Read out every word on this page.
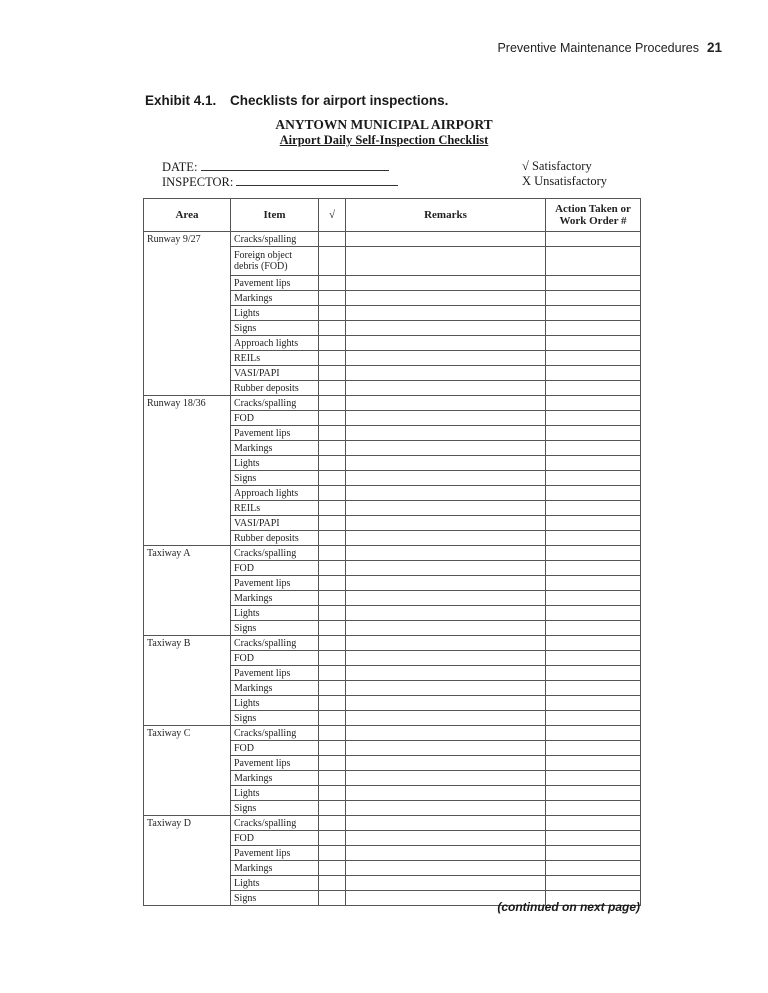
Preventive Maintenance Procedures 21
Exhibit 4.1. Checklists for airport inspections.
ANYTOWN MUNICIPAL AIRPORT
Airport Daily Self-Inspection Checklist
DATE:
INSPECTOR:
√ Satisfactory
X Unsatisfactory
Area	Item	√	Remarks	Action Taken or
Work Order #
Runway 9/27	Cracks/spalling			
	Foreign object debris (FOD)			
	Pavement lips			
	Markings			
	Lights			
	Signs			
	Approach lights			
	REILs			
	VASI/PAPI			
	Rubber deposits			
Runway 18/36	Cracks/spalling			
	FOD			
	Pavement lips			
	Markings			
	Lights			
	Signs			
	Approach lights			
	REILs			
	VASI/PAPI			
	Rubber deposits			
Taxiway A	Cracks/spalling			
	FOD			
	Pavement lips			
	Markings			
	Lights			
	Signs			
Taxiway B	Cracks/spalling			
	FOD			
	Pavement lips			
	Markings			
	Lights			
	Signs			
Taxiway C	Cracks/spalling			
	FOD			
	Pavement lips			
	Markings			
	Lights			
	Signs			
Taxiway D	Cracks/spalling			
	FOD			
	Pavement lips			
	Markings			
	Lights			
	Signs			
(continued on next page)
